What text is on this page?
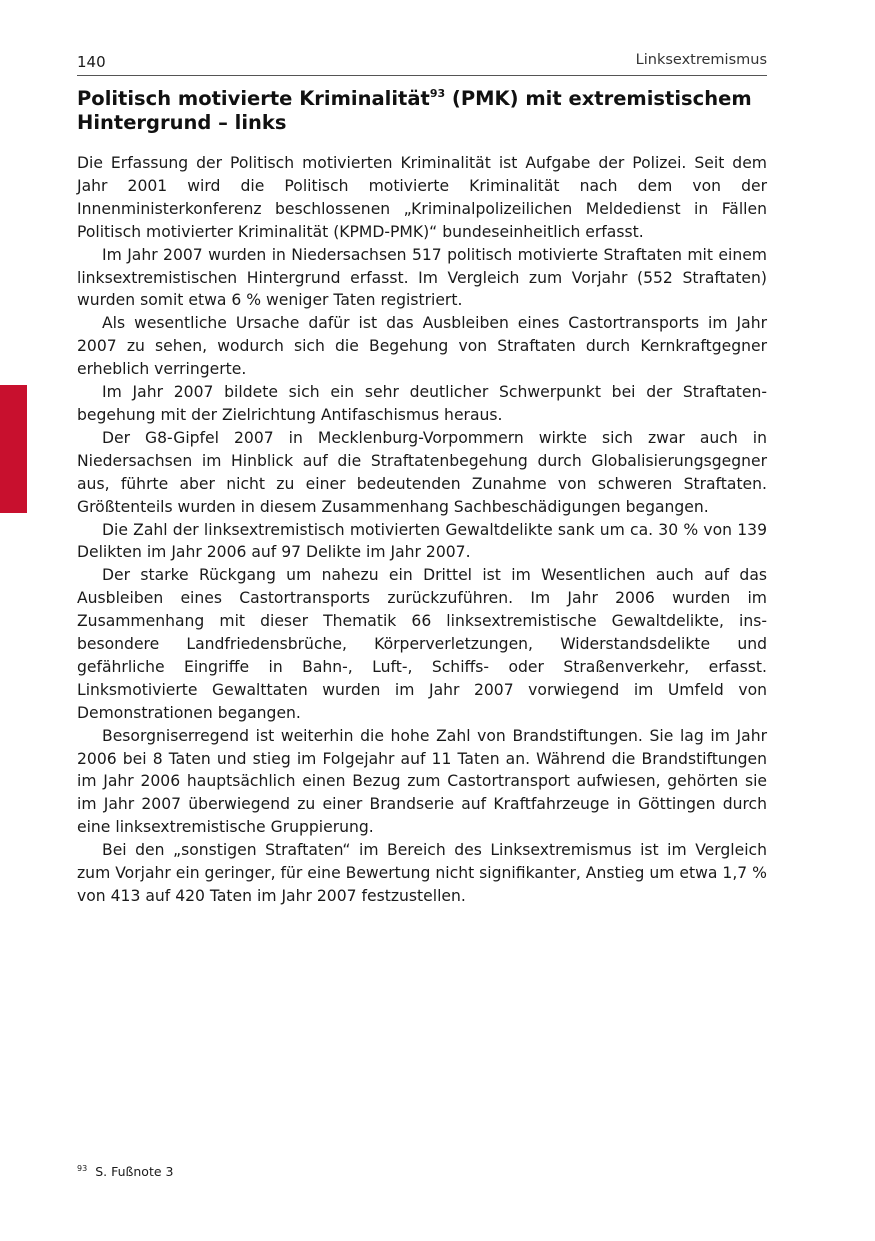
140	Linksextremismus
Politisch motivierte Kriminalität$^{93}$ (PMK) mit extremistischem Hintergrund – links

Die Erfassung der Politisch motivierten Kriminalität ist Aufgabe der Polizei. Seit dem Jahr 2001 wird die Politisch motivierte Kriminalität nach dem von der Innenministerkonferenz beschlossenen „Kriminalpolizeilichen Meldedienst in Fällen Politisch motivierter Kriminalität (KPMD-PMK)“ bundeseinheitlich erfasst.

Im Jahr 2007 wurden in Niedersachsen 517 politisch motivierte Straftaten mit einem linksextremistischen Hintergrund erfasst. Im Vergleich zum Vorjahr (552 Straftaten) wurden somit etwa 6 % weniger Taten registriert.

Als wesentliche Ursache dafür ist das Ausbleiben eines Castortransports im Jahr 2007 zu sehen, wodurch sich die Begehung von Straftaten durch Kernkraftgegner erheblich verringerte.

Im Jahr 2007 bildete sich ein sehr deutlicher Schwerpunkt bei der Straftatenbegehung mit der Zielrichtung Antifaschismus heraus.

Der G8-Gipfel 2007 in Mecklenburg-Vorpommern wirkte sich zwar auch in Niedersachsen im Hinblick auf die Straftatenbegehung durch Globalisierungsgegner aus, führte aber nicht zu einer bedeutenden Zunahme von schweren Straftaten. Größtenteils wurden in diesem Zusammenhang Sachbeschädigungen begangen.

Die Zahl der linksextremistisch motivierten Gewaltdelikte sank um ca. 30 % von 139 Delikten im Jahr 2006 auf 97 Delikte im Jahr 2007.

Der starke Rückgang um nahezu ein Drittel ist im Wesentlichen auch auf das Ausbleiben eines Castortransports zurückzuführen. Im Jahr 2006 wurden im Zusammenhang mit dieser Thematik 66 linksextremistische Gewaltdelikte, insbesondere Landfriedensbrüche, Körperverletzungen, Widerstandsdelikte und gefährliche Eingriffe in Bahn-, Luft-, Schiffs- oder Straßenverkehr, erfasst. Linksmotivierte Gewalttaten wurden im Jahr 2007 vorwiegend im Umfeld von Demonstrationen begangen.

Besorgniserregend ist weiterhin die hohe Zahl von Brandstiftungen. Sie lag im Jahr 2006 bei 8 Taten und stieg im Folgejahr auf 11 Taten an. Während die Brandstiftungen im Jahr 2006 hauptsächlich einen Bezug zum Castortransport aufwiesen, gehörten sie im Jahr 2007 überwiegend zu einer Brandserie auf Kraftfahrzeuge in Göttingen durch eine linksextremistische Gruppierung.

Bei den „sonstigen Straftaten“ im Bereich des Linksextremismus ist im Vergleich zum Vorjahr ein geringer, für eine Bewertung nicht signifikanter, Anstieg um etwa 1,7 % von 413 auf 420 Taten im Jahr 2007 festzustellen.

$^{93}$ S. Fußnote 3
